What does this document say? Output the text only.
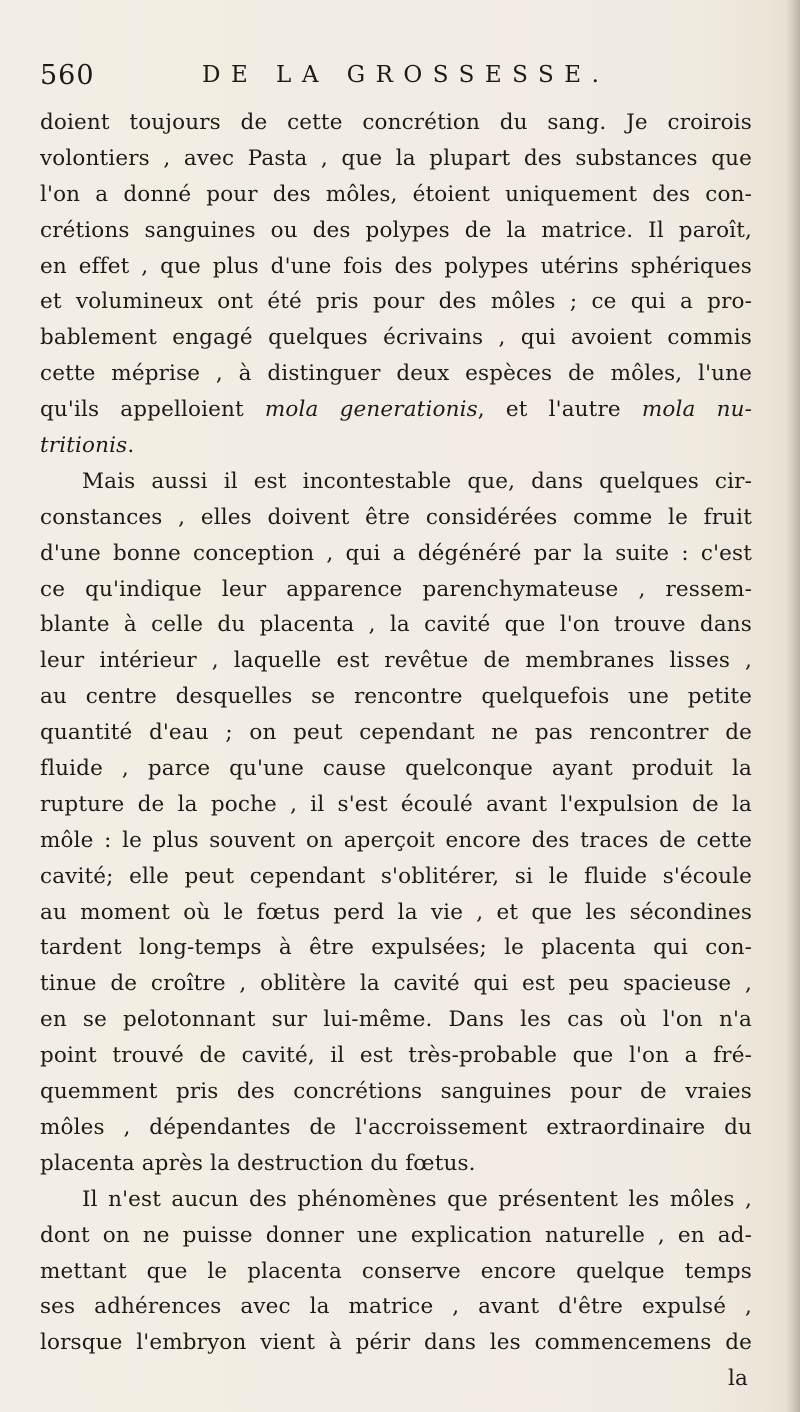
560	DE LA GROSSESSE.
doient toujours de cette concrétion du sang. Je croirois
volontiers , avec Pasta , que la plupart des substances que
l'on a donné pour des môles, étoient uniquement des con-
crétions sanguines ou des polypes de la matrice. Il paroît,
en effet , que plus d'une fois des polypes utérins sphériques
et volumineux ont été pris pour des môles ; ce qui a pro-
bablement engagé quelques écrivains , qui avoient commis
cette méprise , à distinguer deux espèces de môles, l'une
qu'ils appelloient mola generationis, et l'autre mola nu-
tritionis.
Mais aussi il est incontestable que, dans quelques cir-
constances , elles doivent être considérées comme le fruit
d'une bonne conception , qui a dégénéré par la suite : c'est
ce qu'indique leur apparence parenchymateuse , ressem-
blante à celle du placenta , la cavité que l'on trouve dans
leur intérieur , laquelle est revêtue de membranes lisses ,
au centre desquelles se rencontre quelquefois une petite
quantité d'eau ; on peut cependant ne pas rencontrer de
fluide , parce qu'une cause quelconque ayant produit la
rupture de la poche , il s'est écoulé avant l'expulsion de la
môle : le plus souvent on aperçoit encore des traces de cette
cavité; elle peut cependant s'oblitérer, si le fluide s'écoule
au moment où le fœtus perd la vie , et que les sécondines
tardent long-temps à être expulsées; le placenta qui con-
tinue de croître , oblitère la cavité qui est peu spacieuse ,
en se pelotonnant sur lui-même. Dans les cas où l'on n'a
point trouvé de cavité, il est très-probable que l'on a fré-
quemment pris des concrétions sanguines pour de vraies
môles , dépendantes de l'accroissement extraordinaire du
placenta après la destruction du fœtus.
Il n'est aucun des phénomènes que présentent les môles ,
dont on ne puisse donner une explication naturelle , en ad-
mettant que le placenta conserve encore quelque temps
ses adhérences avec la matrice , avant d'être expulsé ,
lorsque l'embryon vient à périr dans les commencemens de
la
